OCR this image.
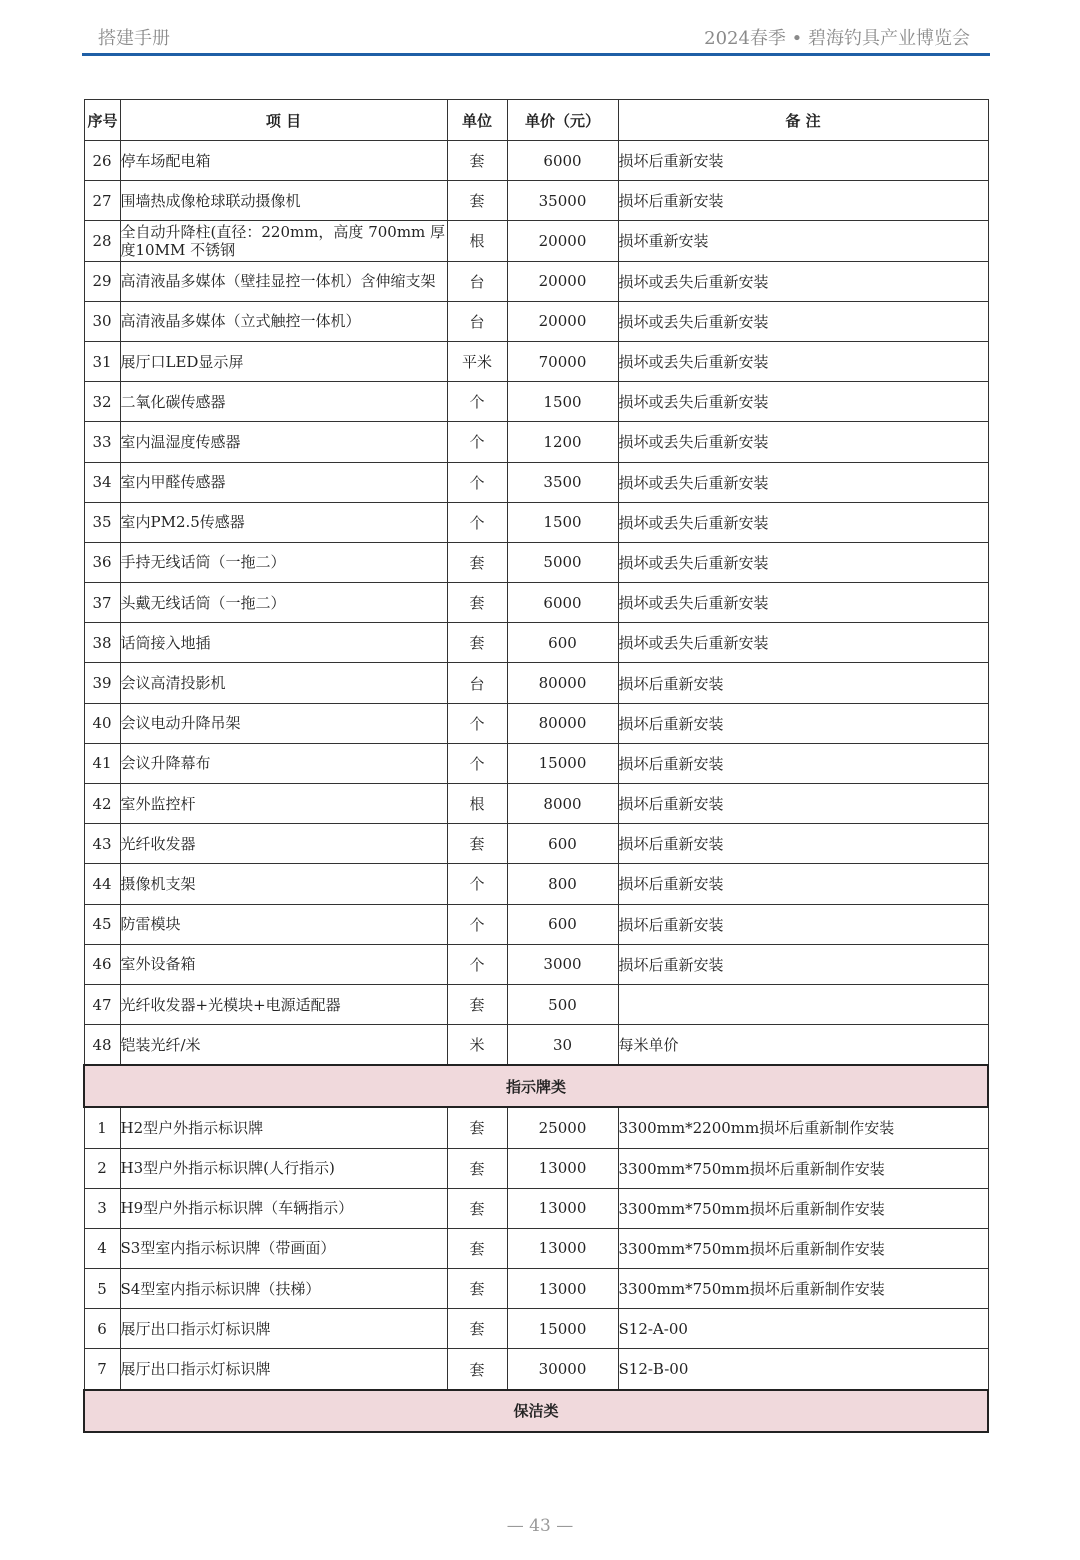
搭建手册	2024春季 • 碧海钓具产业博览会
序号	项 目	单位	单价（元）	备 注
26	停车场配电箱	套	6000	损坏后重新安装
27	围墙热成像枪球联动摄像机	套	35000	损坏后重新安装
28	全自动升降柱(直径：220mm，高度 700mm 厚度10MM 不锈钢	根	20000	损坏重新安装
29	高清液晶多媒体（壁挂显控一体机）含伸缩支架	台	20000	损坏或丢失后重新安装
30	高清液晶多媒体（立式触控一体机）	台	20000	损坏或丢失后重新安装
31	展厅口LED显示屏	平米	70000	损坏或丢失后重新安装
32	二氧化碳传感器	个	1500	损坏或丢失后重新安装
33	室内温湿度传感器	个	1200	损坏或丢失后重新安装
34	室内甲醛传感器	个	3500	损坏或丢失后重新安装
35	室内PM2.5传感器	个	1500	损坏或丢失后重新安装
36	手持无线话筒（一拖二）	套	5000	损坏或丢失后重新安装
37	头戴无线话筒（一拖二）	套	6000	损坏或丢失后重新安装
38	话筒接入地插	套	600	损坏或丢失后重新安装
39	会议高清投影机	台	80000	损坏后重新安装
40	会议电动升降吊架	个	80000	损坏后重新安装
41	会议升降幕布	个	15000	损坏后重新安装
42	室外监控杆	根	8000	损坏后重新安装
43	光纤收发器	套	600	损坏后重新安装
44	摄像机支架	个	800	损坏后重新安装
45	防雷模块	个	600	损坏后重新安装
46	室外设备箱	个	3000	损坏后重新安装
47	光纤收发器+光模块+电源适配器	套	500	
48	铠装光纤/米	米	30	每米单价
指示牌类				
1	H2型户外指示标识牌	套	25000	3300mm*2200mm损坏后重新制作安装
2	H3型户外指示标识牌(人行指示)	套	13000	3300mm*750mm损坏后重新制作安装
3	H9型户外指示标识牌（车辆指示）	套	13000	3300mm*750mm损坏后重新制作安装
4	S3型室内指示标识牌（带画面）	套	13000	3300mm*750mm损坏后重新制作安装
5	S4型室内指示标识牌（扶梯）	套	13000	3300mm*750mm损坏后重新制作安装
6	展厅出口指示灯标识牌	套	15000	S12-A-00
7	展厅出口指示灯标识牌	套	30000	S12-B-00
保洁类				
— 43 —
